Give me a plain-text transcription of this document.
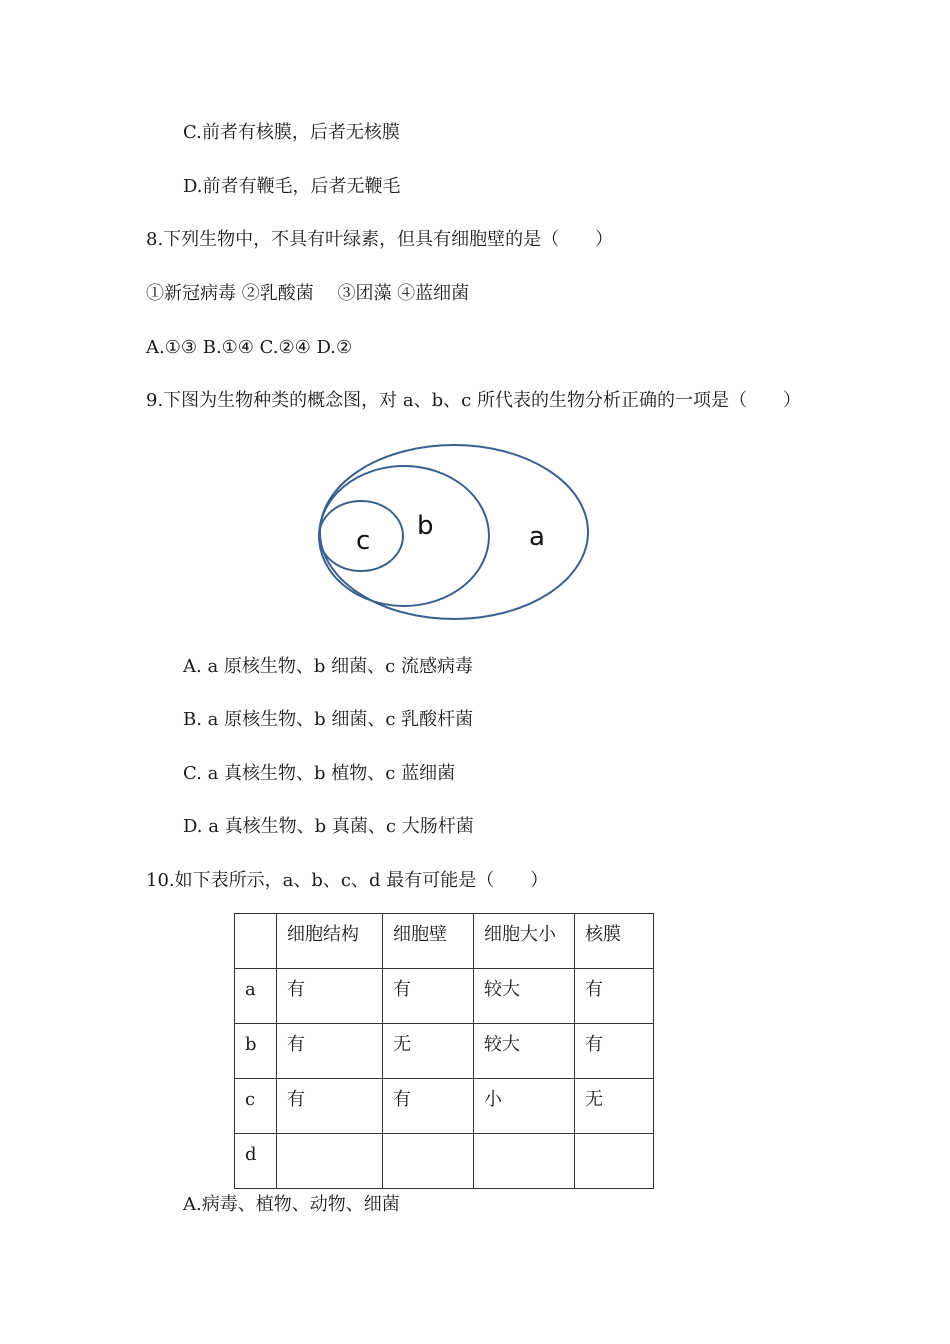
C.前者有核膜，后者无核膜
D.前者有鞭毛，后者无鞭毛
8.下列生物中，不具有叶绿素，但具有细胞壁的是（　　）
①新冠病毒 ②乳酸菌　 ③团藻 ④蓝细菌
A.①③ B.①④ C.②④ D.②
9.下图为生物种类的概念图，对 a、b、c 所代表的生物分析正确的一项是（　　）
c b	a
A. a 原核生物、b 细菌、c 流感病毒
B. a 原核生物、b 细菌、c 乳酸杆菌
C. a 真核生物、b 植物、c 蓝细菌
D. a 真核生物、b 真菌、c 大肠杆菌
10.如下表所示，a、b、c、d 最有可能是（　　）
	细胞结构	细胞壁	细胞大小	核膜
a	有	有	较大	有
b	有	无	较大	有
c	有	有	小	无
d				
A.病毒、植物、动物、细菌
